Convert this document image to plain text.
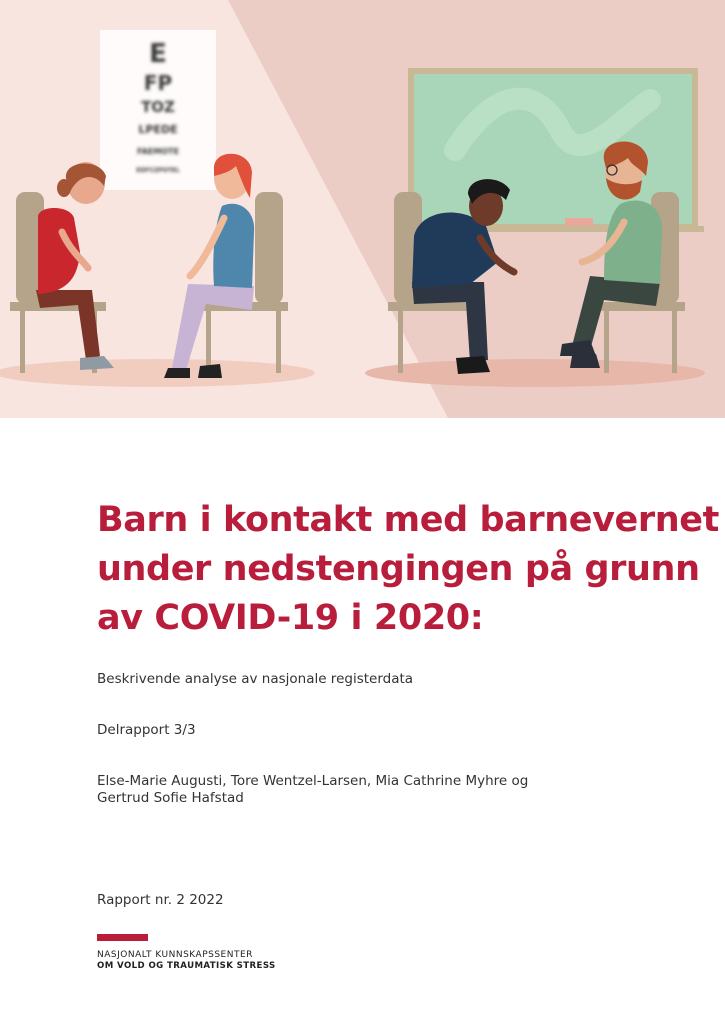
E
FP
TOZ
LPEDE
FAEMOTE
EDFCZPOTEL
Barn i kontakt med barnevernet
under nedstengingen på grunn
av COVID-19 i 2020:

Beskrivende analyse av nasjonale registerdata

Delrapport 3/3

Else-Marie Augusti, Tore Wentzel-Larsen, Mia Cathrine Myhre og
Gertrud Sofie Hafstad

Rapport nr. 2 2022

NASJONALT KUNNSKAPSSENTER
OM VOLD OG TRAUMATISK STRESS
